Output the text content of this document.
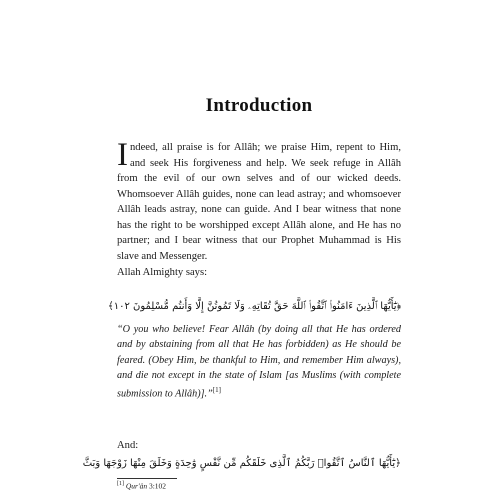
Introduction

Indeed, all praise is for Allâh; we praise Him, repent to Him, and seek His forgiveness and help. We seek refuge in Allâh from the evil of our own selves and of our wicked deeds. Whomsoever Allâh guides, none can lead astray; and whomsoever Allâh leads astray, none can guide. And I bear witness that none has the right to be worshipped except Allâh alone, and He has no partner; and I bear witness that our Prophet Muhammad is His slave and Messenger.

Allah Almighty says:

﴿يَٰٓأَيُّهَا ٱلَّذِينَ ءَامَنُوا۟ ٱتَّقُوا۟ ٱللَّهَ حَقَّ تُقَاتِهِۦ وَلَا تَمُوتُنَّ إِلَّا وَأَنتُم مُّسْلِمُونَ ١٠٢﴾

“O you who believe! Fear Allâh (by doing all that He has ordered and by abstaining from all that He has forbidden) as He should be feared. (Obey Him, be thankful to Him, and remember Him always), and die not except in the state of Islam [as Muslims (with complete submission to Allâh)].”[1]

And:

﴿يَٰٓأَيُّهَا ٱلنَّاسُ ٱتَّقُوا۟ رَبَّكُمُ ٱلَّذِى خَلَقَكُم مِّن نَّفْسٍ وَٰحِدَةٍ وَخَلَقَ مِنْهَا زَوْجَهَا وَبَثَّ

[1] Qur'ân 3:102
